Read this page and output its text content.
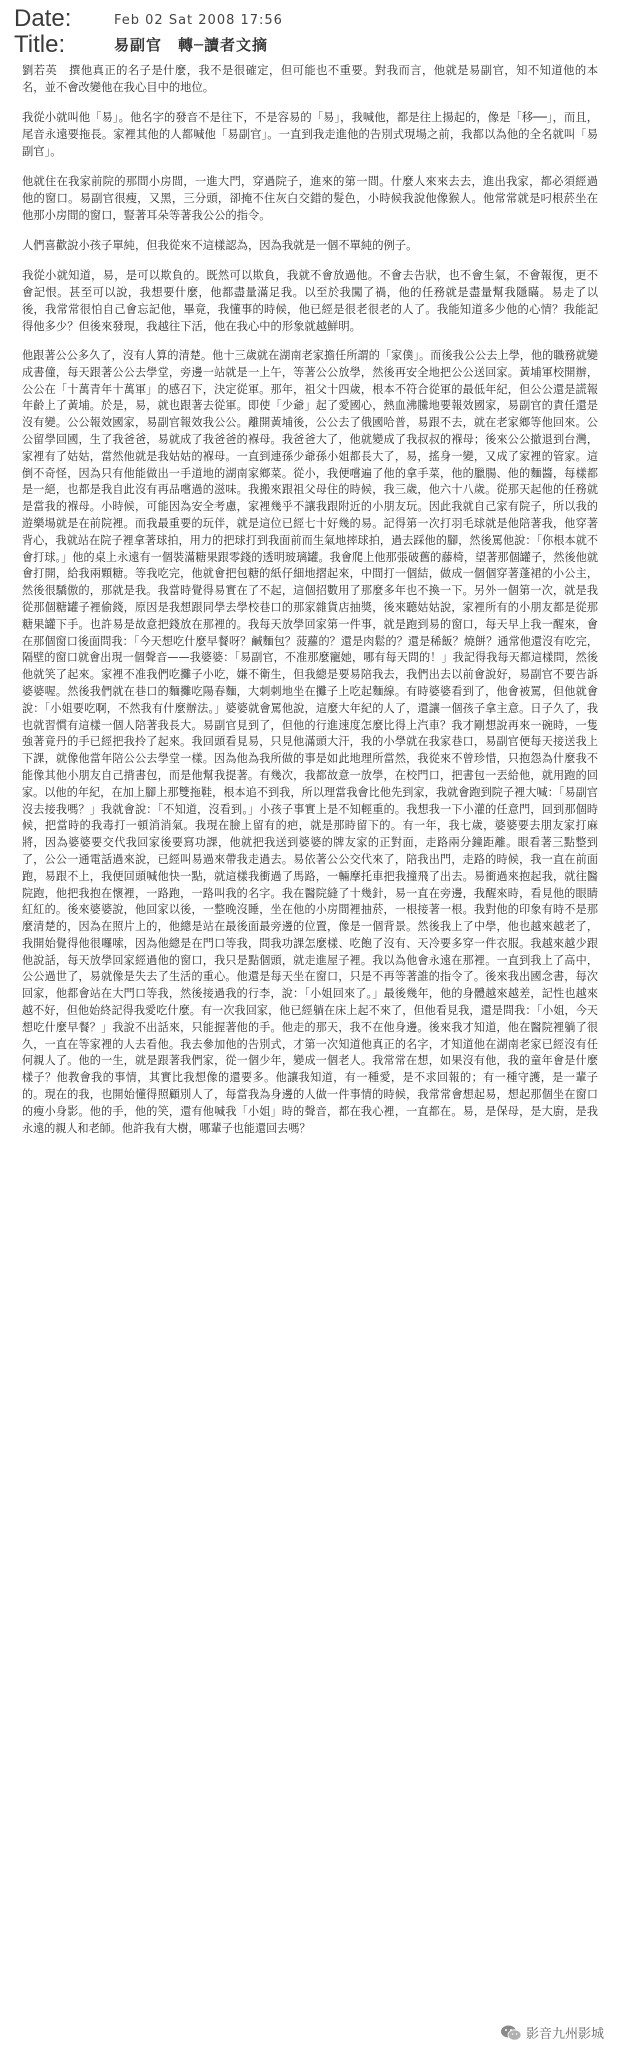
Date:	Feb 02 Sat 2008 17:56
Title:	易副官　轉─讀者文摘

劉若英　撰他真正的名子是什麼，我不是很確定，但可能也不重要。對我而言，他就是易副官，知不知道他的本名，並不會改變他在我心目中的地位。

我從小就叫他「易」。他名字的發音不是往下，不是容易的「易」，我喊他，都是往上揚起的，像是「移──」，而且，尾音永遠要拖長。家裡其他的人都喊他「易副官」。一直到我走進他的告別式現場之前，我都以為他的全名就叫「易副官」。

他就住在我家前院的那間小房間，一進大門，穿過院子，進來的第一間。什麼人來來去去，進出我家，都必須經過他的窗口。易副官很瘦，又黑，三分頭，卻掩不住灰白交錯的髮色，小時候我說他像猴人。他常常就是叼根菸坐在他那小房間的窗口，豎著耳朵等著我公公的指令。

人們喜歡說小孩子單純，但我從來不這樣認為，因為我就是一個不單純的例子。

我從小就知道，易，是可以欺負的。既然可以欺負，我就不會放過他。不會去告狀，也不會生氣，不會報復，更不會記恨。甚至可以說，我想要什麼，他都盡量滿足我。以至於我闖了禍，他的任務就是盡量幫我隱瞞。易走了以後，我常常很怕自己會忘記他，畢竟，我懂事的時候，他已經是很老很老的人了。我能知道多少他的心情？我能記得他多少？但後來發現，我越往下活，他在我心中的形象就越鮮明。

他跟著公公多久了，沒有人算的清楚。他十三歲就在湖南老家擔任所謂的「家僕」。而後我公公去上學，他的職務就變成書僮，每天跟著公公去學堂，旁邊一站就是一上午，等著公公放學，然後再安全地把公公送回家。黃埔軍校開辦，公公在「十萬青年十萬軍」的感召下，決定從軍。那年，祖父十四歲，根本不符合從軍的最低年紀，但公公還是謊報年齡上了黃埔。於是，易，就也跟著去從軍。即使「少爺」起了愛國心，熱血沸騰地要報效國家，易副官的責任還是沒有變。公公報效國家，易副官報效我公公。離開黃埔後，公公去了俄國哈普，易跟不去，就在老家鄉等他回來。公公留學回國，生了我爸爸，易就成了我爸爸的褓母。我爸爸大了，他就變成了我叔叔的褓母；後來公公撤退到台灣，家裡有了姑姑，當然他就是我姑姑的褓母。一直到連孫少爺孫小姐都長大了，易，搖身一變，又成了家裡的管家。這倒不奇怪，因為只有他能做出一手道地的湖南家鄉菜。從小，我便嚐遍了他的拿手菜，他的臘腸、他的麵醬，每樣都是一絕，也都是我自此沒有再品嚐過的滋味。我搬來跟祖父母住的時候，我三歲，他六十八歲。從那天起他的任務就是當我的褓母。小時候，可能因為安全考慮，家裡幾乎不讓我跟附近的小朋友玩。因此我就自己家有院子，所以我的遊樂場就是在前院裡。而我最重要的玩伴，就是這位已經七十好幾的易。記得第一次打羽毛球就是他陪著我，他穿著背心，我就站在院子裡拿著球拍，用力的把球打到我面前而生氣地摔球拍，過去踩他的腳，然後罵他說：「你根本就不會打球。」他的桌上永遠有一個裝滿糖果跟零錢的透明玻璃罐。我會爬上他那張破舊的藤椅，望著那個罐子，然後他就會打開，給我兩顆糖。等我吃完，他就會把包糖的紙仔細地摺起來，中間打一個結，做成一個個穿著蓬裙的小公主，然後很驕傲的，那就是我。我當時覺得易實在了不起，這個招數用了那麼多年也不換一下。另外一個第一次，就是我從那個糖罐子裡偷錢，原因是我想跟同學去學校巷口的那家雜貨店抽獎，後來聽姑姑說，家裡所有的小朋友都是從那糖果罐下手。也許易是故意把錢放在那裡的。我每天放學回家第一件事，就是跑到易的窗口，每天早上我一醒來，會在那個窗口後面問我：「今天想吃什麼早餐呀？鹹麵包？菠蘿的？還是肉鬆的？還是稀飯？燒餅？通常他還沒有吃完，隔壁的窗口就會出現一個聲音——我婆婆：「易副官，不准那麼寵她，哪有每天問的！」我記得我每天都這樣問，然後他就笑了起來。家裡不准我們吃攤子小吃，嫌不衛生，但我總是要易陪我去，我們出去以前會說好，易副官不要告訴婆婆喔。然後我們就在巷口的麵攤吃陽春麵，大刺刺地坐在攤子上吃起麵線。有時婆婆看到了，他會被罵，但他就會說：「小姐要吃啊，不然我有什麼辦法。」婆婆就會罵他說，這麼大年紀的人了，還讓一個孩子拿主意。日子久了，我也就習慣有這樣一個人陪著我長大。易副官見到了，但他的行進速度怎麼比得上汽車？我才剛想說再來一碗時，一隻強著竟丹的手已經把我拎了起來。我回頭看見易，只見他滿頭大汗，我的小學就在我家巷口，易副官便每天接送我上下課，就像他當年陪公公去學堂一樣。因為他為我所做的事是如此地理所當然，我從來不曾珍惜，只抱怨為什麼我不能像其他小朋友自己揹書包，而是他幫我提著。有幾次，我都故意一放學，在校門口，把書包一丟給他，就用跑的回家。以他的年紀，在加上腳上那雙拖鞋，根本追不到我，所以理當我會比他先到家，我就會跑到院子裡大喊：「易副官沒去接我嗎？」我就會說：「不知道，沒看到。」小孩子事實上是不知輕重的。我想我一下小灌的任意門，回到那個時候，把當時的我毒打一頓消消氣。我現在臉上留有的疤，就是那時留下的。有一年，我七歲，婆婆要去朋友家打麻將，因為婆婆要交代我回家後要寫功課，他就把我送到婆婆的牌友家的正對面，走路兩分鐘距離。眼看著三點整到了，公公一通電話過來說，已經叫易過來帶我走過去。易依著公公交代來了，陪我出門，走路的時候，我一直在前面跑，易跟不上，我便回頭喊他快一點，就這樣我衝過了馬路，一輛摩托車把我撞飛了出去。易衝過來抱起我，就往醫院跑，他把我抱在懷裡，一路跑，一路叫我的名字。我在醫院縫了十幾針，易一直在旁邊，我醒來時，看見他的眼睛紅紅的。後來婆婆說，他回家以後，一整晚沒睡，坐在他的小房間裡抽菸，一根接著一根。我對他的印象有時不是那麼清楚的，因為在照片上的，他總是站在最後面最旁邊的位置，像是一個背景。然後我上了中學，他也越來越老了，我開始覺得他很囉嗦，因為他總是在門口等我，問我功課怎麼樣、吃飽了沒有、天冷要多穿一件衣服。我越來越少跟他說話，每天放學回家經過他的窗口，我只是點個頭，就走進屋子裡。我以為他會永遠在那裡。一直到我上了高中，公公過世了，易就像是失去了生活的重心。他還是每天坐在窗口，只是不再等著誰的指令了。後來我出國念書，每次回家，他都會站在大門口等我，然後接過我的行李，說：「小姐回來了。」最後幾年，他的身體越來越差，記性也越來越不好，但他始終記得我愛吃什麼。有一次我回家，他已經躺在床上起不來了，但他看見我，還是問我：「小姐，今天想吃什麼早餐？」我說不出話來，只能握著他的手。他走的那天，我不在他身邊。後來我才知道，他在醫院裡躺了很久，一直在等家裡的人去看他。我去參加他的告別式，才第一次知道他真正的名字，才知道他在湖南老家已經沒有任何親人了。他的一生，就是跟著我們家，從一個少年，變成一個老人。我常常在想，如果沒有他，我的童年會是什麼樣子？他教會我的事情，其實比我想像的還要多。他讓我知道，有一種愛，是不求回報的；有一種守護，是一輩子的。現在的我，也開始懂得照顧別人了，每當我為身邊的人做一件事情的時候，我常常會想起易，想起那個坐在窗口的瘦小身影。他的手，他的笑，還有他喊我「小姐」時的聲音，都在我心裡，一直都在。易，是保母，是大廚，是我永遠的親人和老師。他許我有大樹，哪輩子也能還回去嗎？

影音九州影城
